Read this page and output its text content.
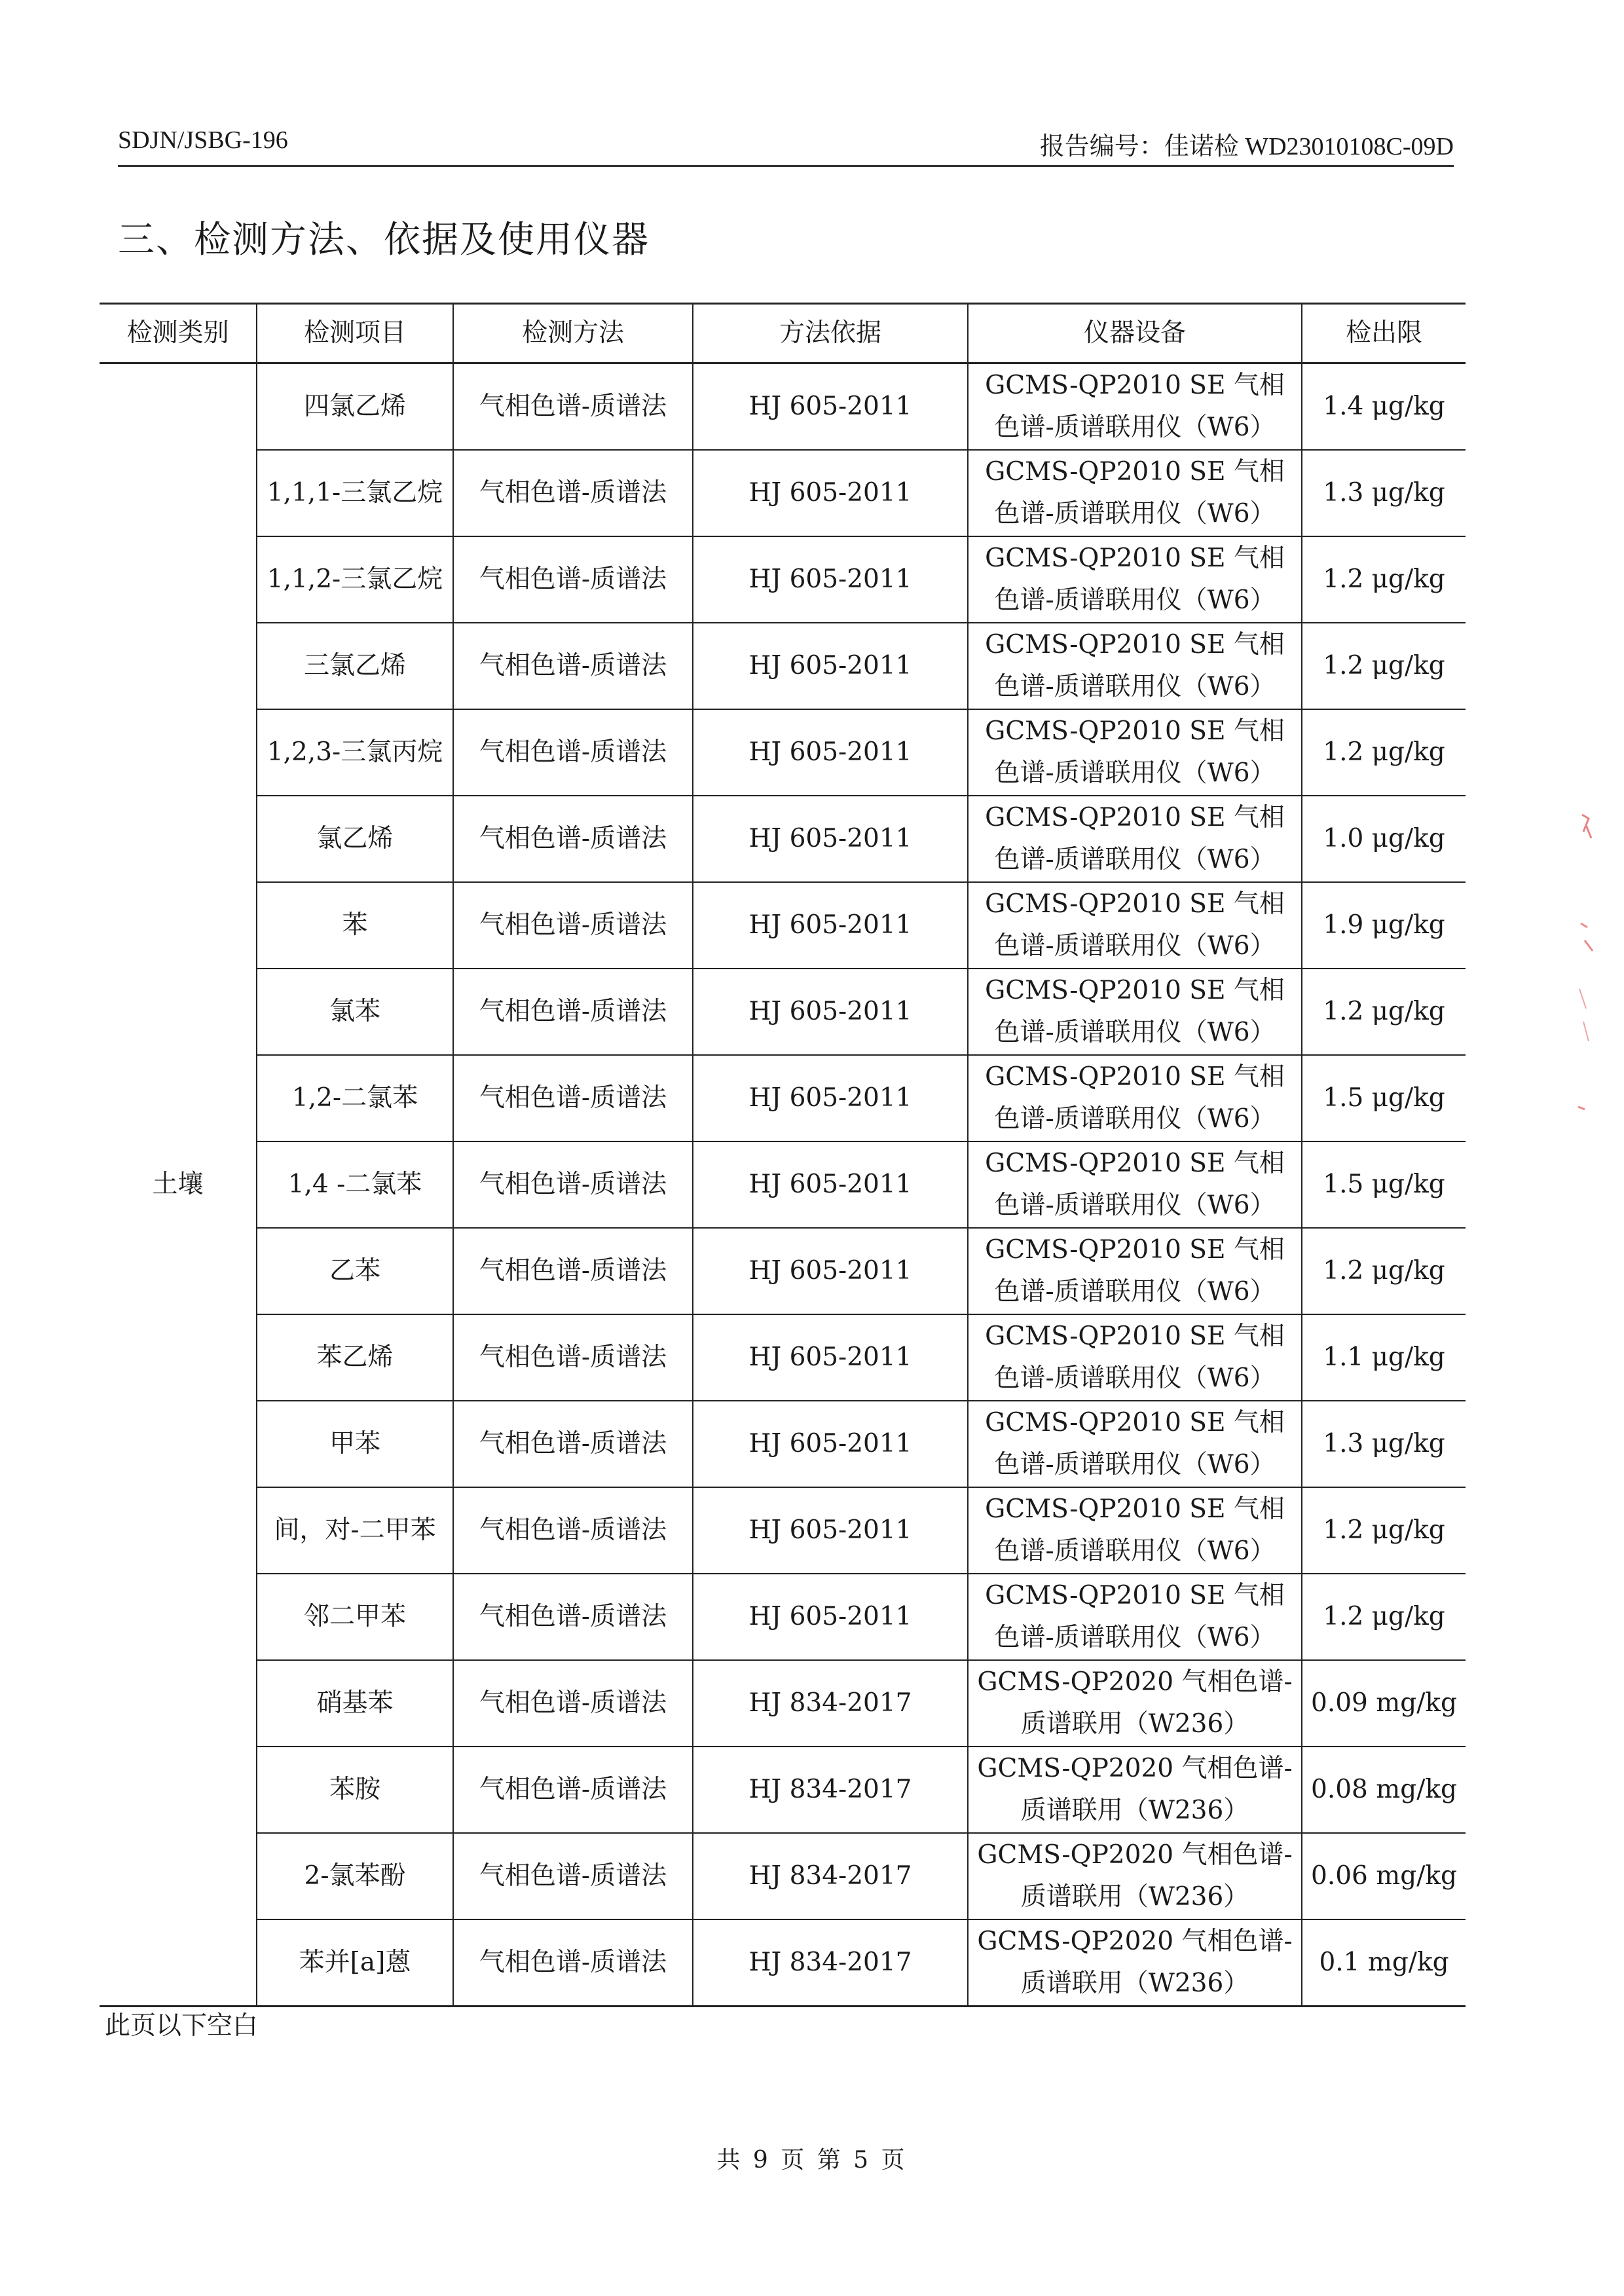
SDJN/JSBG-196	报告编号：佳诺检 WD23010108C-09D
三、检测方法、依据及使用仪器
检测类别	检测项目	检测方法	方法依据	仪器设备	检出限
土壤	四氯乙烯	气相色谱-质谱法	HJ 605-2011	GCMS-QP2010 SE 气相色谱-质谱联用仪（W6）	1.4 μg/kg
	1,1,1-三氯乙烷	气相色谱-质谱法	HJ 605-2011	GCMS-QP2010 SE 气相色谱-质谱联用仪（W6）	1.3 μg/kg
	1,1,2-三氯乙烷	气相色谱-质谱法	HJ 605-2011	GCMS-QP2010 SE 气相色谱-质谱联用仪（W6）	1.2 μg/kg
	三氯乙烯	气相色谱-质谱法	HJ 605-2011	GCMS-QP2010 SE 气相色谱-质谱联用仪（W6）	1.2 μg/kg
	1,2,3-三氯丙烷	气相色谱-质谱法	HJ 605-2011	GCMS-QP2010 SE 气相色谱-质谱联用仪（W6）	1.2 μg/kg
	氯乙烯	气相色谱-质谱法	HJ 605-2011	GCMS-QP2010 SE 气相色谱-质谱联用仪（W6）	1.0 μg/kg
	苯	气相色谱-质谱法	HJ 605-2011	GCMS-QP2010 SE 气相色谱-质谱联用仪（W6）	1.9 μg/kg
	氯苯	气相色谱-质谱法	HJ 605-2011	GCMS-QP2010 SE 气相色谱-质谱联用仪（W6）	1.2 μg/kg
	1,2-二氯苯	气相色谱-质谱法	HJ 605-2011	GCMS-QP2010 SE 气相色谱-质谱联用仪（W6）	1.5 μg/kg
	1,4 -二氯苯	气相色谱-质谱法	HJ 605-2011	GCMS-QP2010 SE 气相色谱-质谱联用仪（W6）	1.5 μg/kg
	乙苯	气相色谱-质谱法	HJ 605-2011	GCMS-QP2010 SE 气相色谱-质谱联用仪（W6）	1.2 μg/kg
	苯乙烯	气相色谱-质谱法	HJ 605-2011	GCMS-QP2010 SE 气相色谱-质谱联用仪（W6）	1.1 μg/kg
	甲苯	气相色谱-质谱法	HJ 605-2011	GCMS-QP2010 SE 气相色谱-质谱联用仪（W6）	1.3 μg/kg
	间，对-二甲苯	气相色谱-质谱法	HJ 605-2011	GCMS-QP2010 SE 气相色谱-质谱联用仪（W6）	1.2 μg/kg
	邻二甲苯	气相色谱-质谱法	HJ 605-2011	GCMS-QP2010 SE 气相色谱-质谱联用仪（W6）	1.2 μg/kg
	硝基苯	气相色谱-质谱法	HJ 834-2017	GCMS-QP2020 气相色谱-质谱联用（W236）	0.09 mg/kg
	苯胺	气相色谱-质谱法	HJ 834-2017	GCMS-QP2020 气相色谱-质谱联用（W236）	0.08 mg/kg
	2-氯苯酚	气相色谱-质谱法	HJ 834-2017	GCMS-QP2020 气相色谱-质谱联用（W236）	0.06 mg/kg
	苯并[a]蒽	气相色谱-质谱法	HJ 834-2017	GCMS-QP2020 气相色谱-质谱联用（W236）	0.1 mg/kg
此页以下空白
共 9 页 第 5 页
